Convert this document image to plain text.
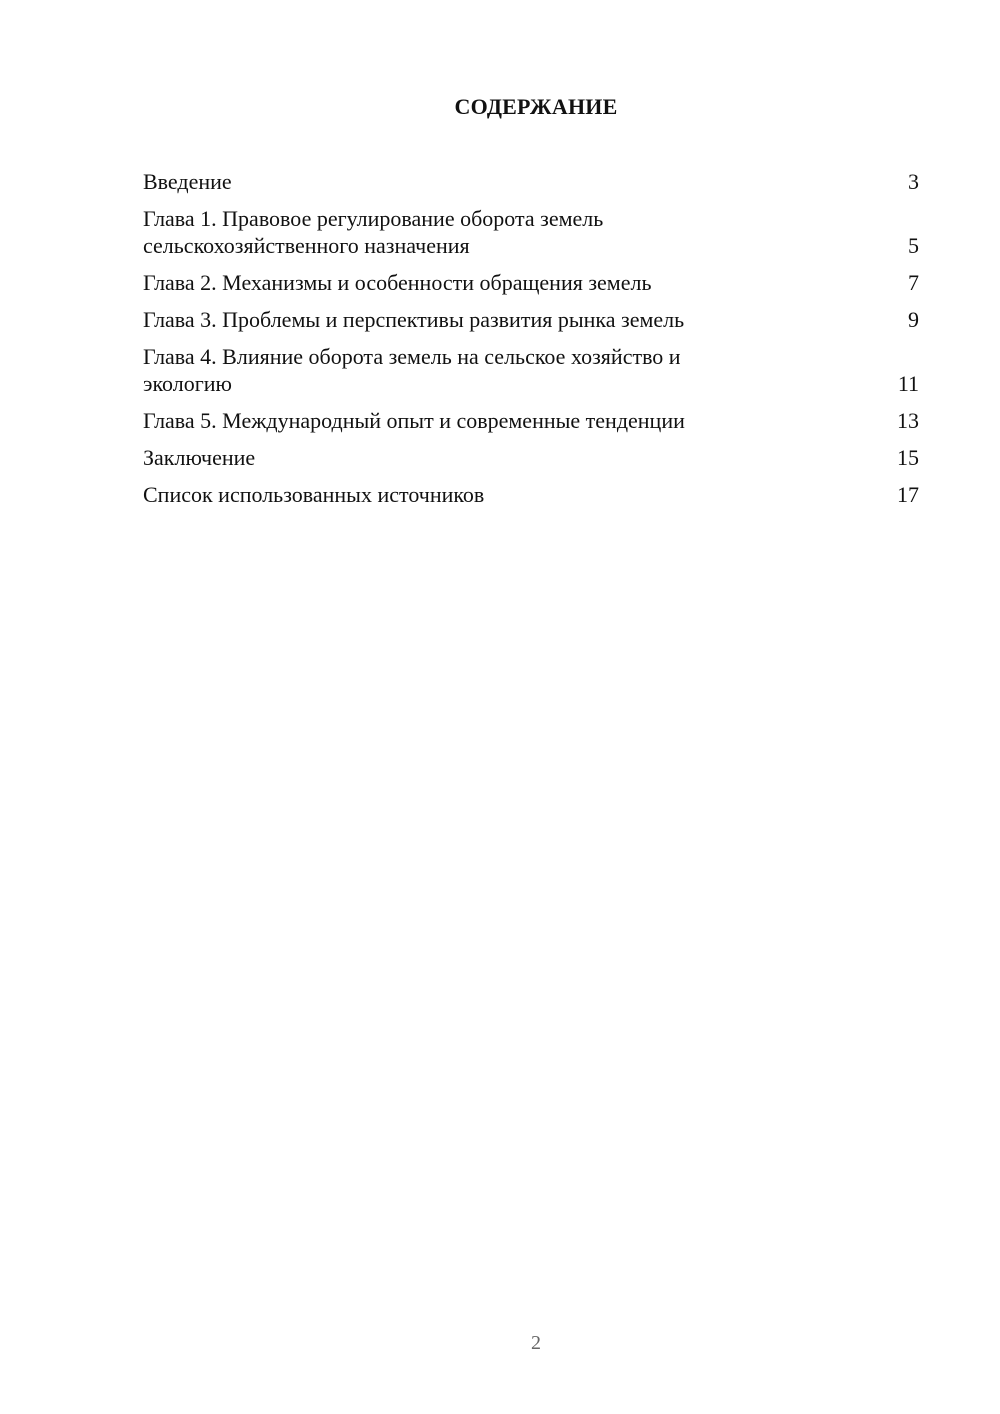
СОДЕРЖАНИЕ
Введение	3
Глава 1. Правовое регулирование оборота земель
сельскохозяйственного назначения	5
Глава 2. Механизмы и особенности обращения земель	7
Глава 3. Проблемы и перспективы развития рынка земель	9
Глава 4. Влияние оборота земель на сельское хозяйство и
экологию	11
Глава 5. Международный опыт и современные тенденции	13
Заключение	15
Список использованных источников	17
2
